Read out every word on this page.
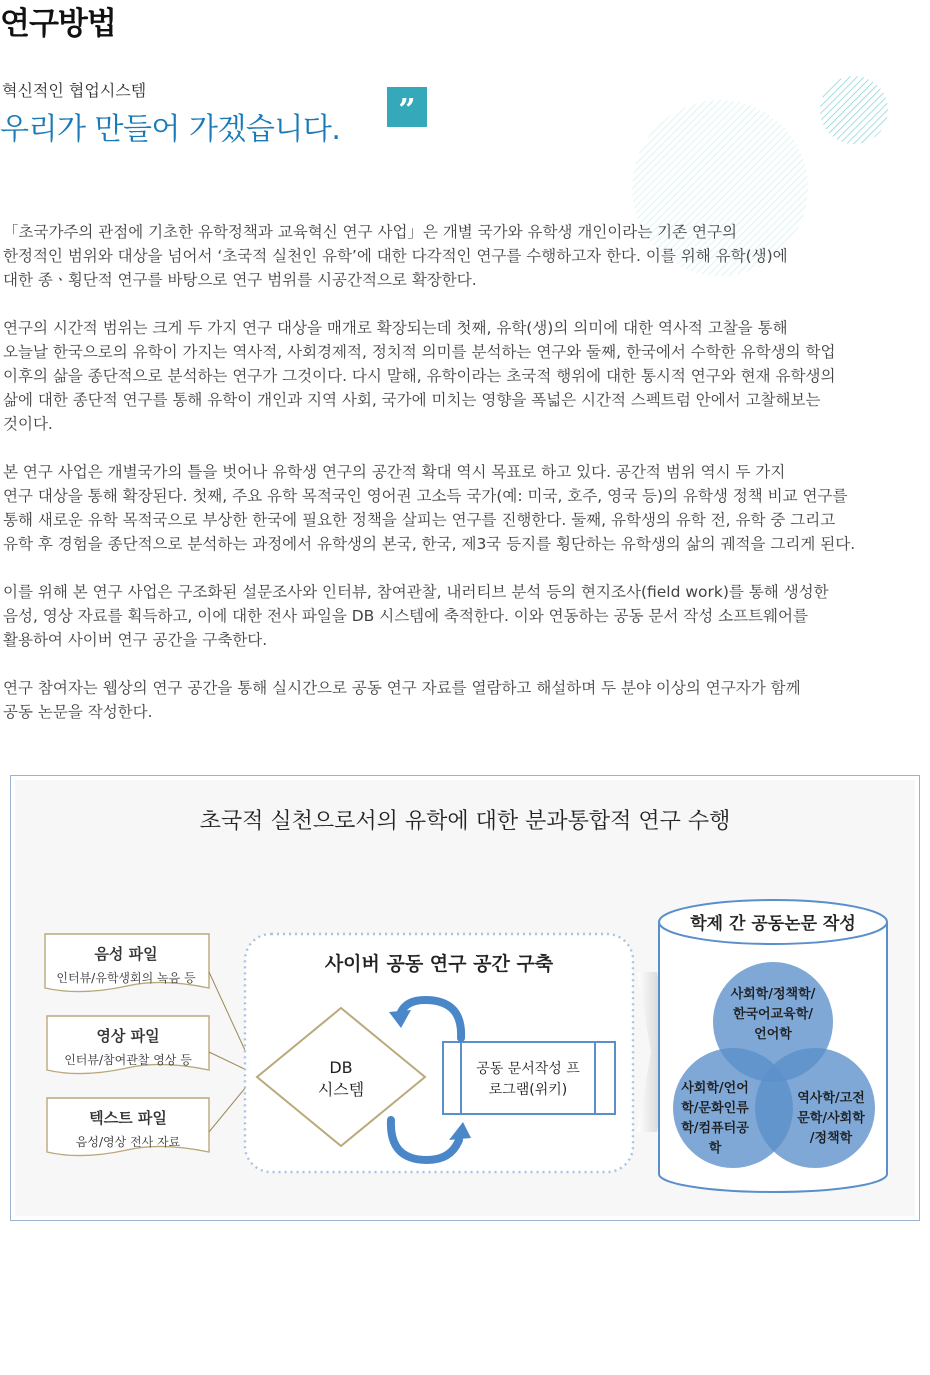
연구방법
혁신적인 협업시스템
우리가 만들어 가겠습니다.
”

「초국가주의 관점에 기초한 유학정책과 교육혁신 연구 사업」은 개별 국가와 유학생 개인이라는 기존 연구의
한정적인 범위와 대상을 넘어서 ‘초국적 실천인 유학’에 대한 다각적인 연구를 수행하고자 한다. 이를 위해 유학(생)에
대한 종ㆍ횡단적 연구를 바탕으로 연구 범위를 시공간적으로 확장한다.

연구의 시간적 범위는 크게 두 가지 연구 대상을 매개로 확장되는데 첫째, 유학(생)의 의미에 대한 역사적 고찰을 통해
오늘날 한국으로의 유학이 가지는 역사적, 사회경제적, 정치적 의미를 분석하는 연구와 둘째, 한국에서 수학한 유학생의 학업
이후의 삶을 종단적으로 분석하는 연구가 그것이다. 다시 말해, 유학이라는 초국적 행위에 대한 통시적 연구와 현재 유학생의
삶에 대한 종단적 연구를 통해 유학이 개인과 지역 사회, 국가에 미치는 영향을 폭넓은 시간적 스펙트럼 안에서 고찰해보는
것이다.

본 연구 사업은 개별국가의 틀을 벗어나 유학생 연구의 공간적 확대 역시 목표로 하고 있다. 공간적 범위 역시 두 가지
연구 대상을 통해 확장된다. 첫째, 주요 유학 목적국인 영어권 고소득 국가(예: 미국, 호주, 영국 등)의 유학생 정책 비교 연구를
통해 새로운 유학 목적국으로 부상한 한국에 필요한 정책을 살피는 연구를 진행한다. 둘째, 유학생의 유학 전, 유학 중 그리고
유학 후 경험을 종단적으로 분석하는 과정에서 유학생의 본국, 한국, 제3국 등지를 횡단하는 유학생의 삶의 궤적을 그리게 된다.

이를 위해 본 연구 사업은 구조화된 설문조사와 인터뷰, 참여관찰, 내러티브 분석 등의 현지조사(field work)를 통해 생성한
음성, 영상 자료를 획득하고, 이에 대한 전사 파일을 DB 시스템에 축적한다. 이와 연동하는 공동 문서 작성 소프트웨어를
활용하여 사이버 연구 공간을 구축한다.

연구 참여자는 웹상의 연구 공간을 통해 실시간으로 공동 연구 자료를 열람하고 해설하며 두 분야 이상의 연구자가 함께
공동 논문을 작성한다.

초국적 실천으로서의 유학에 대한 분과통합적 연구 수행
음성 파일
인터뷰/유학생회의 녹음 등
영상 파일
인터뷰/참여관찰 영상 등
텍스트 파일
음성/영상 전사 자료
사이버 공동 연구 공간 구축
DB
시스템
공동 문서작성 프
로그램(위키)
학제 간 공동논문 작성
사회학/정책학/
한국어교육학/
언어학
사회학/언어
학/문화인류
학/컴퓨터공
학
역사학/고전
문학/사회학
/정책학
